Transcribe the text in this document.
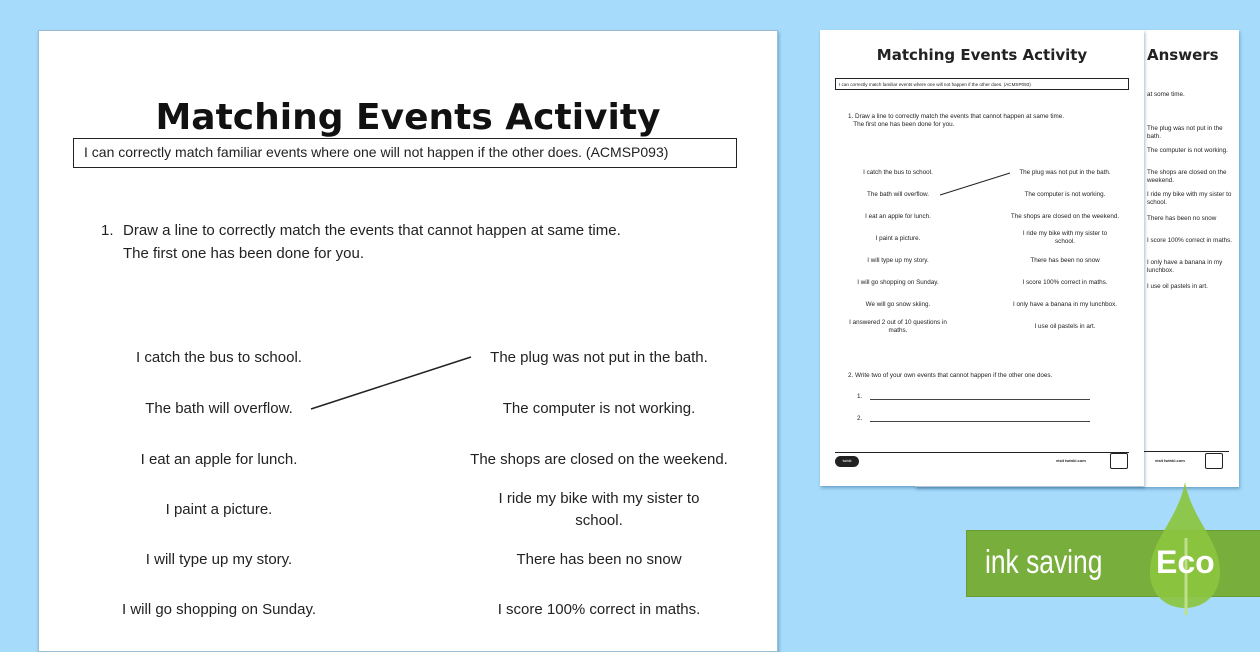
Matching Events Activity
I can correctly match familiar events where one will not happen if the other does. (ACMSP093)
1. Draw a line to correctly match the events that cannot happen at same time.
The first one has been done for you.
I catch the bus to school.
The bath will overflow.
I eat an apple for lunch.
I paint a picture.
I will type up my story.
I will go shopping on Sunday.
The plug was not put in the bath.
The computer is not working.
The shops are closed on the weekend.
I ride my bike with my sister to school.
There has been no snow
I score 100% correct in maths.
Answers
at some time.
The plug was not put in the bath.
The computer is not working.
The shops are closed on the weekend.
I ride my bike with my sister to school.
There has been no snow
I score 100% correct in maths.
I only have a banana in my lunchbox.
I use oil pastels in art.
visit twinkl.com
Matching Events Activity
I can correctly match familiar events where one will not happen if the other does. (ACMSP093)
1. Draw a line to correctly match the events that cannot happen at same time.
The first one has been done for you.
I catch the bus to school.
The bath will overflow.
I eat an apple for lunch.
I paint a picture.
I will type up my story.
I will go shopping on Sunday.
We will go snow skiing.
I answered 2 out of 10 questions in maths.
The plug was not put in the bath.
The computer is not working.
The shops are closed on the weekend.
I ride my bike with my sister to school.
There has been no snow
I score 100% correct in maths.
I only have a banana in my lunchbox.
I use oil pastels in art.
2. Write two of your own events that cannot happen if the other one does.
1.
2.
twinkl	visit twinkl.com
ink saving Eco
